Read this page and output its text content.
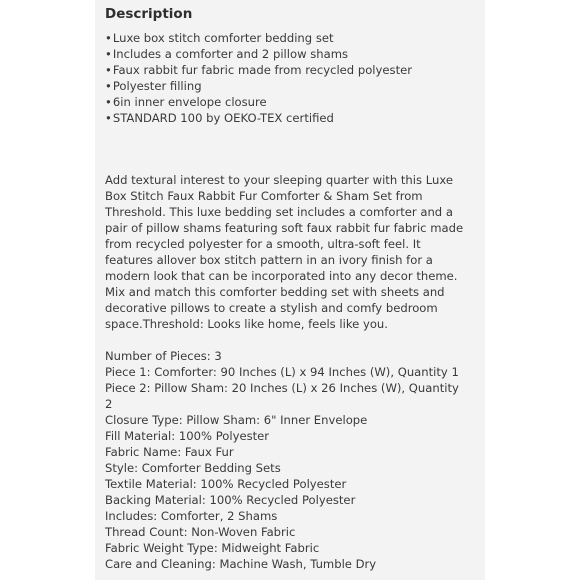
Description
•Luxe box stitch comforter bedding set
•Includes a comforter and 2 pillow shams
•Faux rabbit fur fabric made from recycled polyester
•Polyester filling
•6in inner envelope closure
•STANDARD 100 by OEKO-TEX certified
Add textural interest to your sleeping quarter with this Luxe
Box Stitch Faux Rabbit Fur Comforter & Sham Set from
Threshold. This luxe bedding set includes a comforter and a
pair of pillow shams featuring soft faux rabbit fur fabric made
from recycled polyester for a smooth, ultra-soft feel. It
features allover box stitch pattern in an ivory finish for a
modern look that can be incorporated into any decor theme.
Mix and match this comforter bedding set with sheets and
decorative pillows to create a stylish and comfy bedroom
space.Threshold: Looks like home, feels like you.
Number of Pieces: 3
Piece 1: Comforter: 90 Inches (L) x 94 Inches (W), Quantity 1
Piece 2: Pillow Sham: 20 Inches (L) x 26 Inches (W), Quantity
2
Closure Type: Pillow Sham: 6" Inner Envelope
Fill Material: 100% Polyester
Fabric Name: Faux Fur
Style: Comforter Bedding Sets
Textile Material: 100% Recycled Polyester
Backing Material: 100% Recycled Polyester
Includes: Comforter, 2 Shams
Thread Count: Non-Woven Fabric
Fabric Weight Type: Midweight Fabric
Care and Cleaning: Machine Wash, Tumble Dry
